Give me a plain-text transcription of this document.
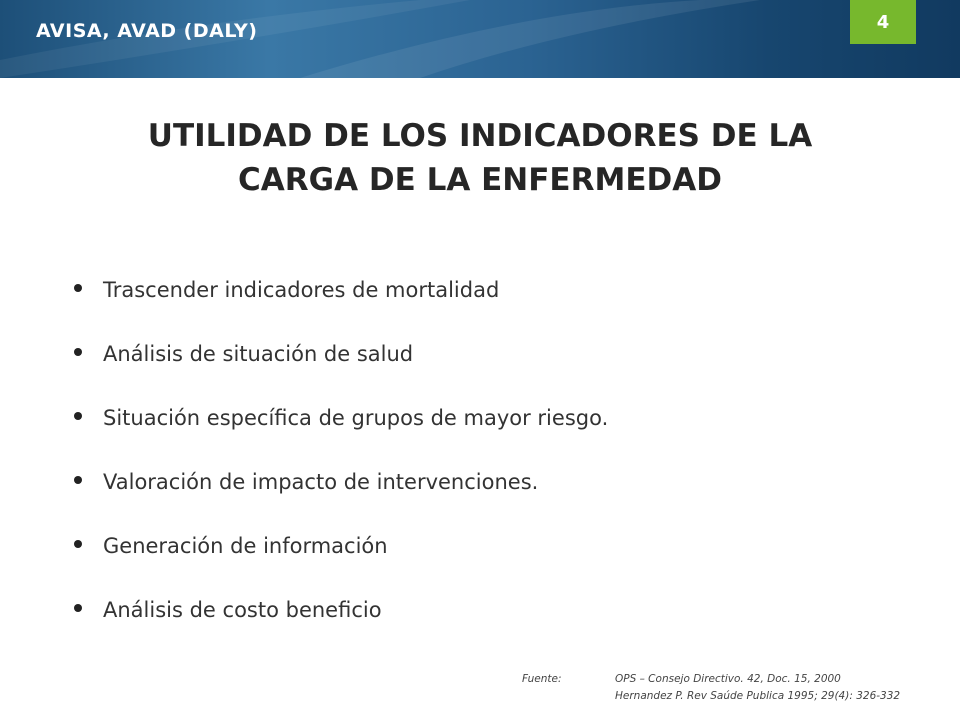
AVISA, AVAD (DALY)	4
UTILIDAD DE LOS INDICADORES DE LA
CARGA DE LA ENFERMEDAD
Trascender indicadores de mortalidad
Análisis de situación de salud
Situación específica de grupos de mayor riesgo.
Valoración de impacto de intervenciones.
Generación de información
Análisis de costo beneficio
Fuente:	OPS – Consejo Directivo. 42, Doc. 15, 2000
Hernandez P. Rev Saúde Publica 1995; 29(4): 326-332
